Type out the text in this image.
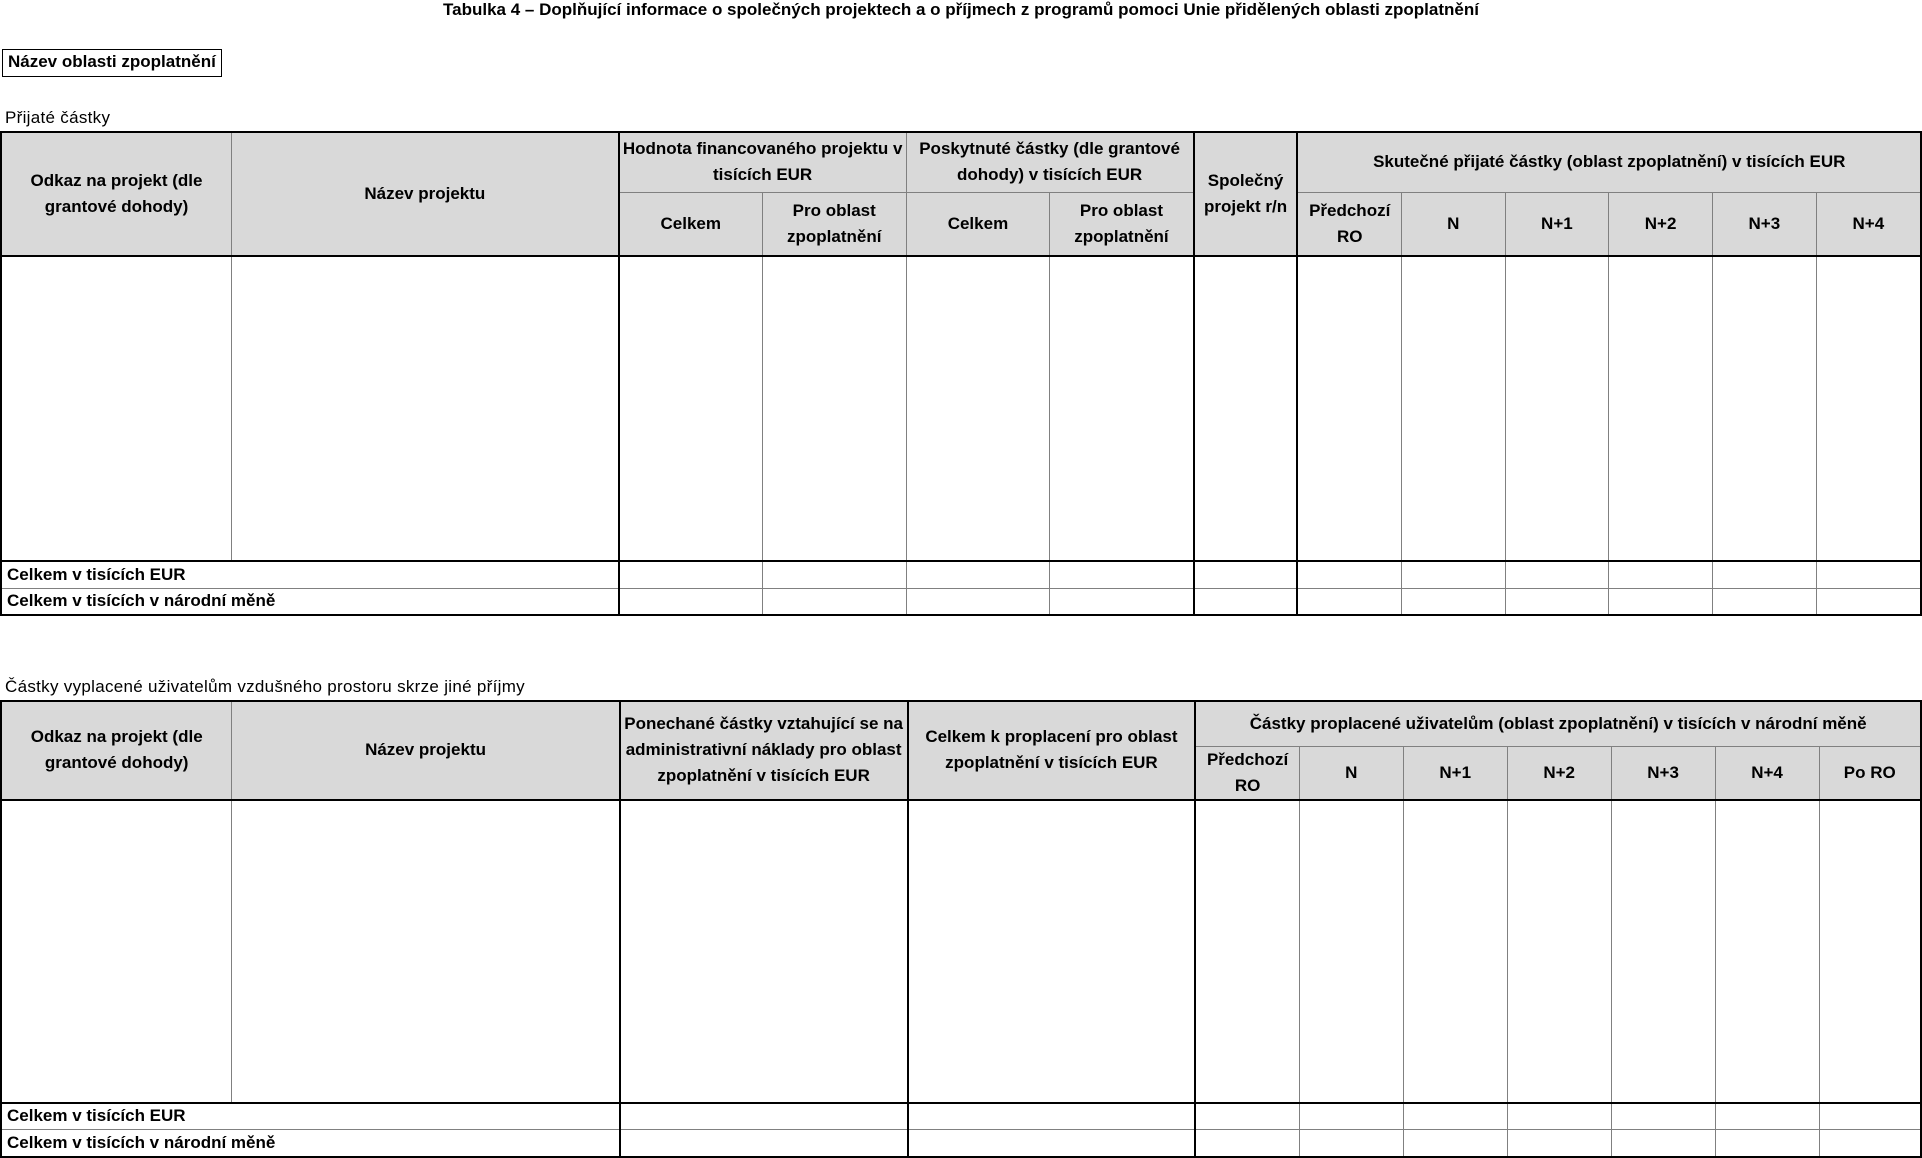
Tabulka 4 – Doplňující informace o společných projektech a o příjmech z programů pomoci Unie přidělených oblasti zpoplatnění
Název oblasti zpoplatnění
Přijaté částky
Odkaz na projekt (dle grantové dohody)	Název projektu	Hodnota financovaného projektu v tisících EUR		Poskytnuté částky (dle grantové dohody) v tisících EUR		Společný projekt r/n	Skutečné přijaté částky (oblast zpoplatnění) v tisících EUR					
		Celkem	Pro oblast zpoplatnění	Celkem	Pro oblast zpoplatnění		Předchozí RO	N	N+1	N+2	N+3	N+4

Celkem v tisících EUR												
Celkem v tisících v národní měně												
Částky vyplacené uživatelům vzdušného prostoru skrze jiné příjmy
Odkaz na projekt (dle grantové dohody)	Název projektu	Ponechané částky vztahující se na administrativní náklady pro oblast zpoplatnění v tisících EUR	Celkem k proplacení pro oblast zpoplatnění v tisících EUR	Částky proplacené uživatelům (oblast zpoplatnění) v tisících v národní měně						
				Předchozí RO	N	N+1	N+2	N+3	N+4	Po RO

Celkem v tisících EUR										
Celkem v tisících v národní měně										
